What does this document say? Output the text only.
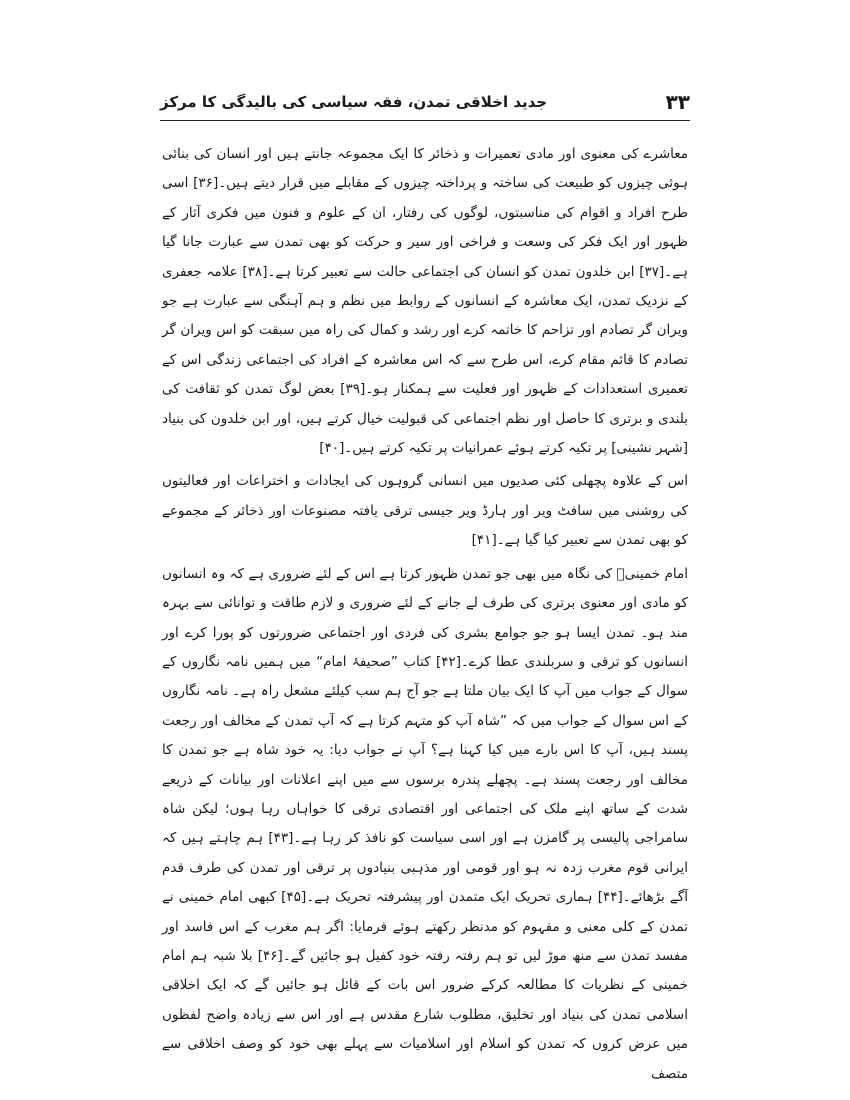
۳۳
جدید اخلاقی تمدن، فقہ سیاسی کی بالیدگی کا مرکز

معاشرے کی معنوی اور مادی تعمیرات و ذخائر کا ایک مجموعہ جانتے ہیں اور انسان کی بنائی ہوئی چیزوں کو طبیعت کی ساختہ و پرداختہ چیزوں کے مقابلے میں قرار دیتے ہیں۔[۳۶] اسی طرح افراد و اقوام کی مناسبتوں، لوگوں کی رفتار، ان کے علوم و فنون میں فکری آثار کے ظہور اور ایک فکر کی وسعت و فراخی اور سیر و حرکت کو بھی تمدن سے عبارت جانا گیا ہے۔[۳۷] ابن خلدون تمدن کو انسان کی اجتماعی حالت سے تعبیر کرتا ہے۔[۳۸] علامہ جعفری کے نزدیک تمدن، ایک معاشرہ کے انسانوں کے روابط میں نظم و ہم آہنگی سے عبارت ہے جو ویران گر تصادم اور تزاحم کا خاتمہ کرے اور رشد و کمال کی راہ میں سبقت کو اس ویران گر تصادم کا قائم مقام کرے، اس طرح سے کہ اس معاشرہ کے افراد کی اجتماعی زندگی اس کے تعمیری استعدادات کے ظہور اور فعلیت سے ہمکنار ہو۔[۳۹] بعض لوگ تمدن کو ثقافت کی بلندی و برتری کا حاصل اور نظم اجتماعی کی قبولیت خیال کرتے ہیں، اور ابن خلدون کی بنیاد [شہر نشینی] پر تکیہ کرتے ہوئے عمرانیات پر تکیہ کرتے ہیں۔[۴۰]

اس کے علاوہ پچھلی کئی صدیوں میں انسانی گروہوں کی ایجادات و اختراعات اور فعالیتوں کی روشنی میں سافٹ ویر اور ہارڈ ویر جیسی ترقی یافتہ مصنوعات اور ذخائر کے مجموعے کو بھی تمدن سے تعبیر کیا گیا ہے۔[۴۱]

امام خمینیؒ کی نگاہ میں بھی جو تمدن ظہور کرتا ہے اس کے لئے ضروری ہے کہ وہ انسانوں کو مادی اور معنوی برتری کی طرف لے جانے کے لئے ضروری و لازم طاقت و توانائی سے بہرہ مند ہو۔ تمدن ایسا ہو جو جوامع بشری کی فردی اور اجتماعی ضرورتوں کو پورا کرے اور انسانوں کو ترقی و سربلندی عطا کرے۔[۴۲] کتاب ”صحیفۂ امام“ میں ہمیں نامہ نگاروں کے سوال کے جواب میں آپ کا ایک بیان ملتا ہے جو آج ہم سب کیلئے مشعل راہ ہے۔ نامہ نگاروں کے اس سوال کے جواب میں کہ ”شاہ آپ کو متہم کرتا ہے کہ آپ تمدن کے مخالف اور رجعت پسند ہیں، آپ کا اس بارے میں کیا کہنا ہے؟ آپ نے جواب دیا: یہ خود شاہ ہے جو تمدن کا مخالف اور رجعت پسند ہے۔ پچھلے پندرہ برسوں سے میں اپنے اعلانات اور بیانات کے ذریعے شدت کے ساتھ اپنے ملک کی اجتماعی اور اقتصادی ترقی کا خواہاں رہا ہوں؛ لیکن شاہ سامراجی پالیسی پر گامزن ہے اور اسی سیاست کو نافذ کر رہا ہے۔[۴۳] ہم چاہتے ہیں کہ ایرانی قوم مغرب زدہ نہ ہو اور قومی اور مذہبی بنیادوں پر ترقی اور تمدن کی طرف قدم آگے بڑھائے۔[۴۴] ہماری تحریک ایک متمدن اور پیشرفتہ تحریک ہے۔[۴۵] کبھی امام خمینی نے تمدن کے کلی معنی و مفہوم کو مدنظر رکھتے ہوئے فرمایا: اگر ہم مغرب کے اس فاسد اور مفسد تمدن سے منھ موڑ لیں تو ہم رفتہ رفتہ خود کفیل ہو جائیں گے۔[۴۶] بلا شبہ ہم امام خمینی کے نظریات کا مطالعہ کرکے ضرور اس بات کے قائل ہو جائیں گے کہ ایک اخلاقی اسلامی تمدن کی بنیاد اور تخلیق، مطلوب شارع مقدس ہے اور اس سے زیادہ واضح لفظوں میں عرض کروں کہ تمدن کو اسلام اور اسلامیات سے پہلے بھی خود کو وصف اخلاقی سے متصف
